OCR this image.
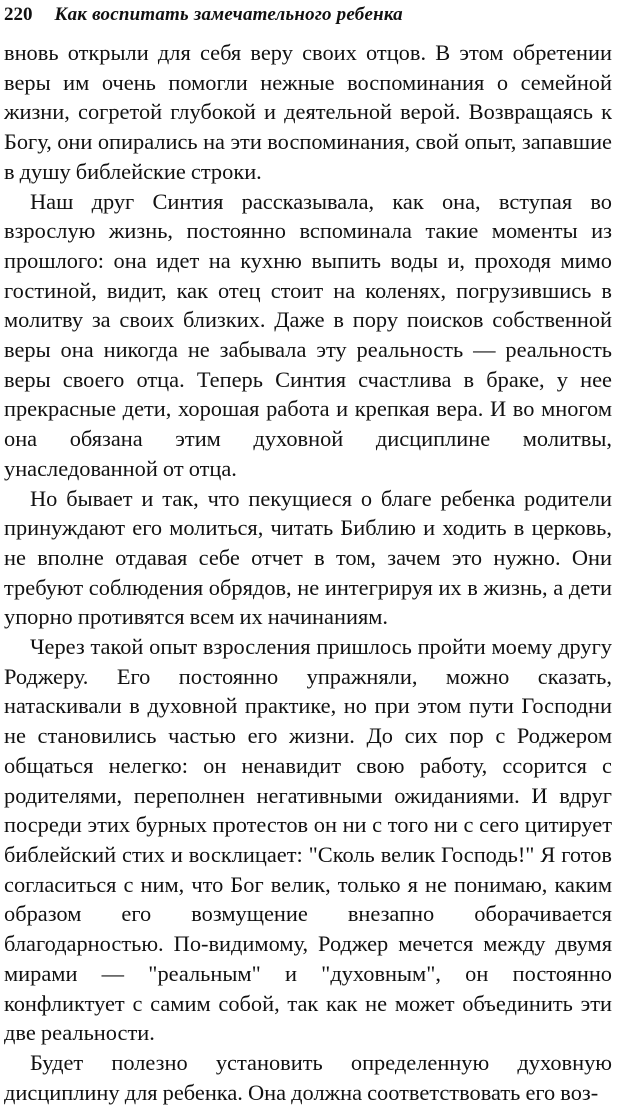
220 Как воспитать замечательного ребенка

вновь открыли для себя веру своих отцов. В этом обретении веры им очень помогли нежные воспоминания о семейной жизни, согретой глубокой и деятельной верой. Возвращаясь к Богу, они опирались на эти воспоминания, свой опыт, запавшие в душу библейские строки.

Наш друг Синтия рассказывала, как она, вступая во взрослую жизнь, постоянно вспоминала такие моменты из прошлого: она идет на кухню выпить воды и, проходя мимо гостиной, видит, как отец стоит на коленях, погрузившись в молитву за своих близких. Даже в пору поисков собственной веры она никогда не забывала эту реальность — реальность веры своего отца. Теперь Синтия счастлива в браке, у нее прекрасные дети, хорошая работа и крепкая вера. И во многом она обязана этим духовной дисциплине молитвы, унаследованной от отца.

Но бывает и так, что пекущиеся о благе ребенка родители принуждают его молиться, читать Библию и ходить в церковь, не вполне отдавая себе отчет в том, зачем это нужно. Они требуют соблюдения обрядов, не интегрируя их в жизнь, а дети упорно противятся всем их начинаниям.

Через такой опыт взросления пришлось пройти моему другу Роджеру. Его постоянно упражняли, можно сказать, натаскивали в духовной практике, но при этом пути Господни не становились частью его жизни. До сих пор с Роджером общаться нелегко: он ненавидит свою работу, ссорится с родителями, переполнен негативными ожиданиями. И вдруг посреди этих бурных протестов он ни с того ни с сего цитирует библейский стих и восклицает: "Сколь велик Господь!" Я готов согласиться с ним, что Бог велик, только я не понимаю, каким образом его возмущение внезапно оборачивается благодарностью. По-видимому, Роджер мечется между двумя мирами — "реальным" и "духовным", он постоянно конфликтует с самим собой, так как не может объединить эти две реальности.

Будет полезно установить определенную духовную дисциплину для ребенка. Она должна соответствовать его воз-
